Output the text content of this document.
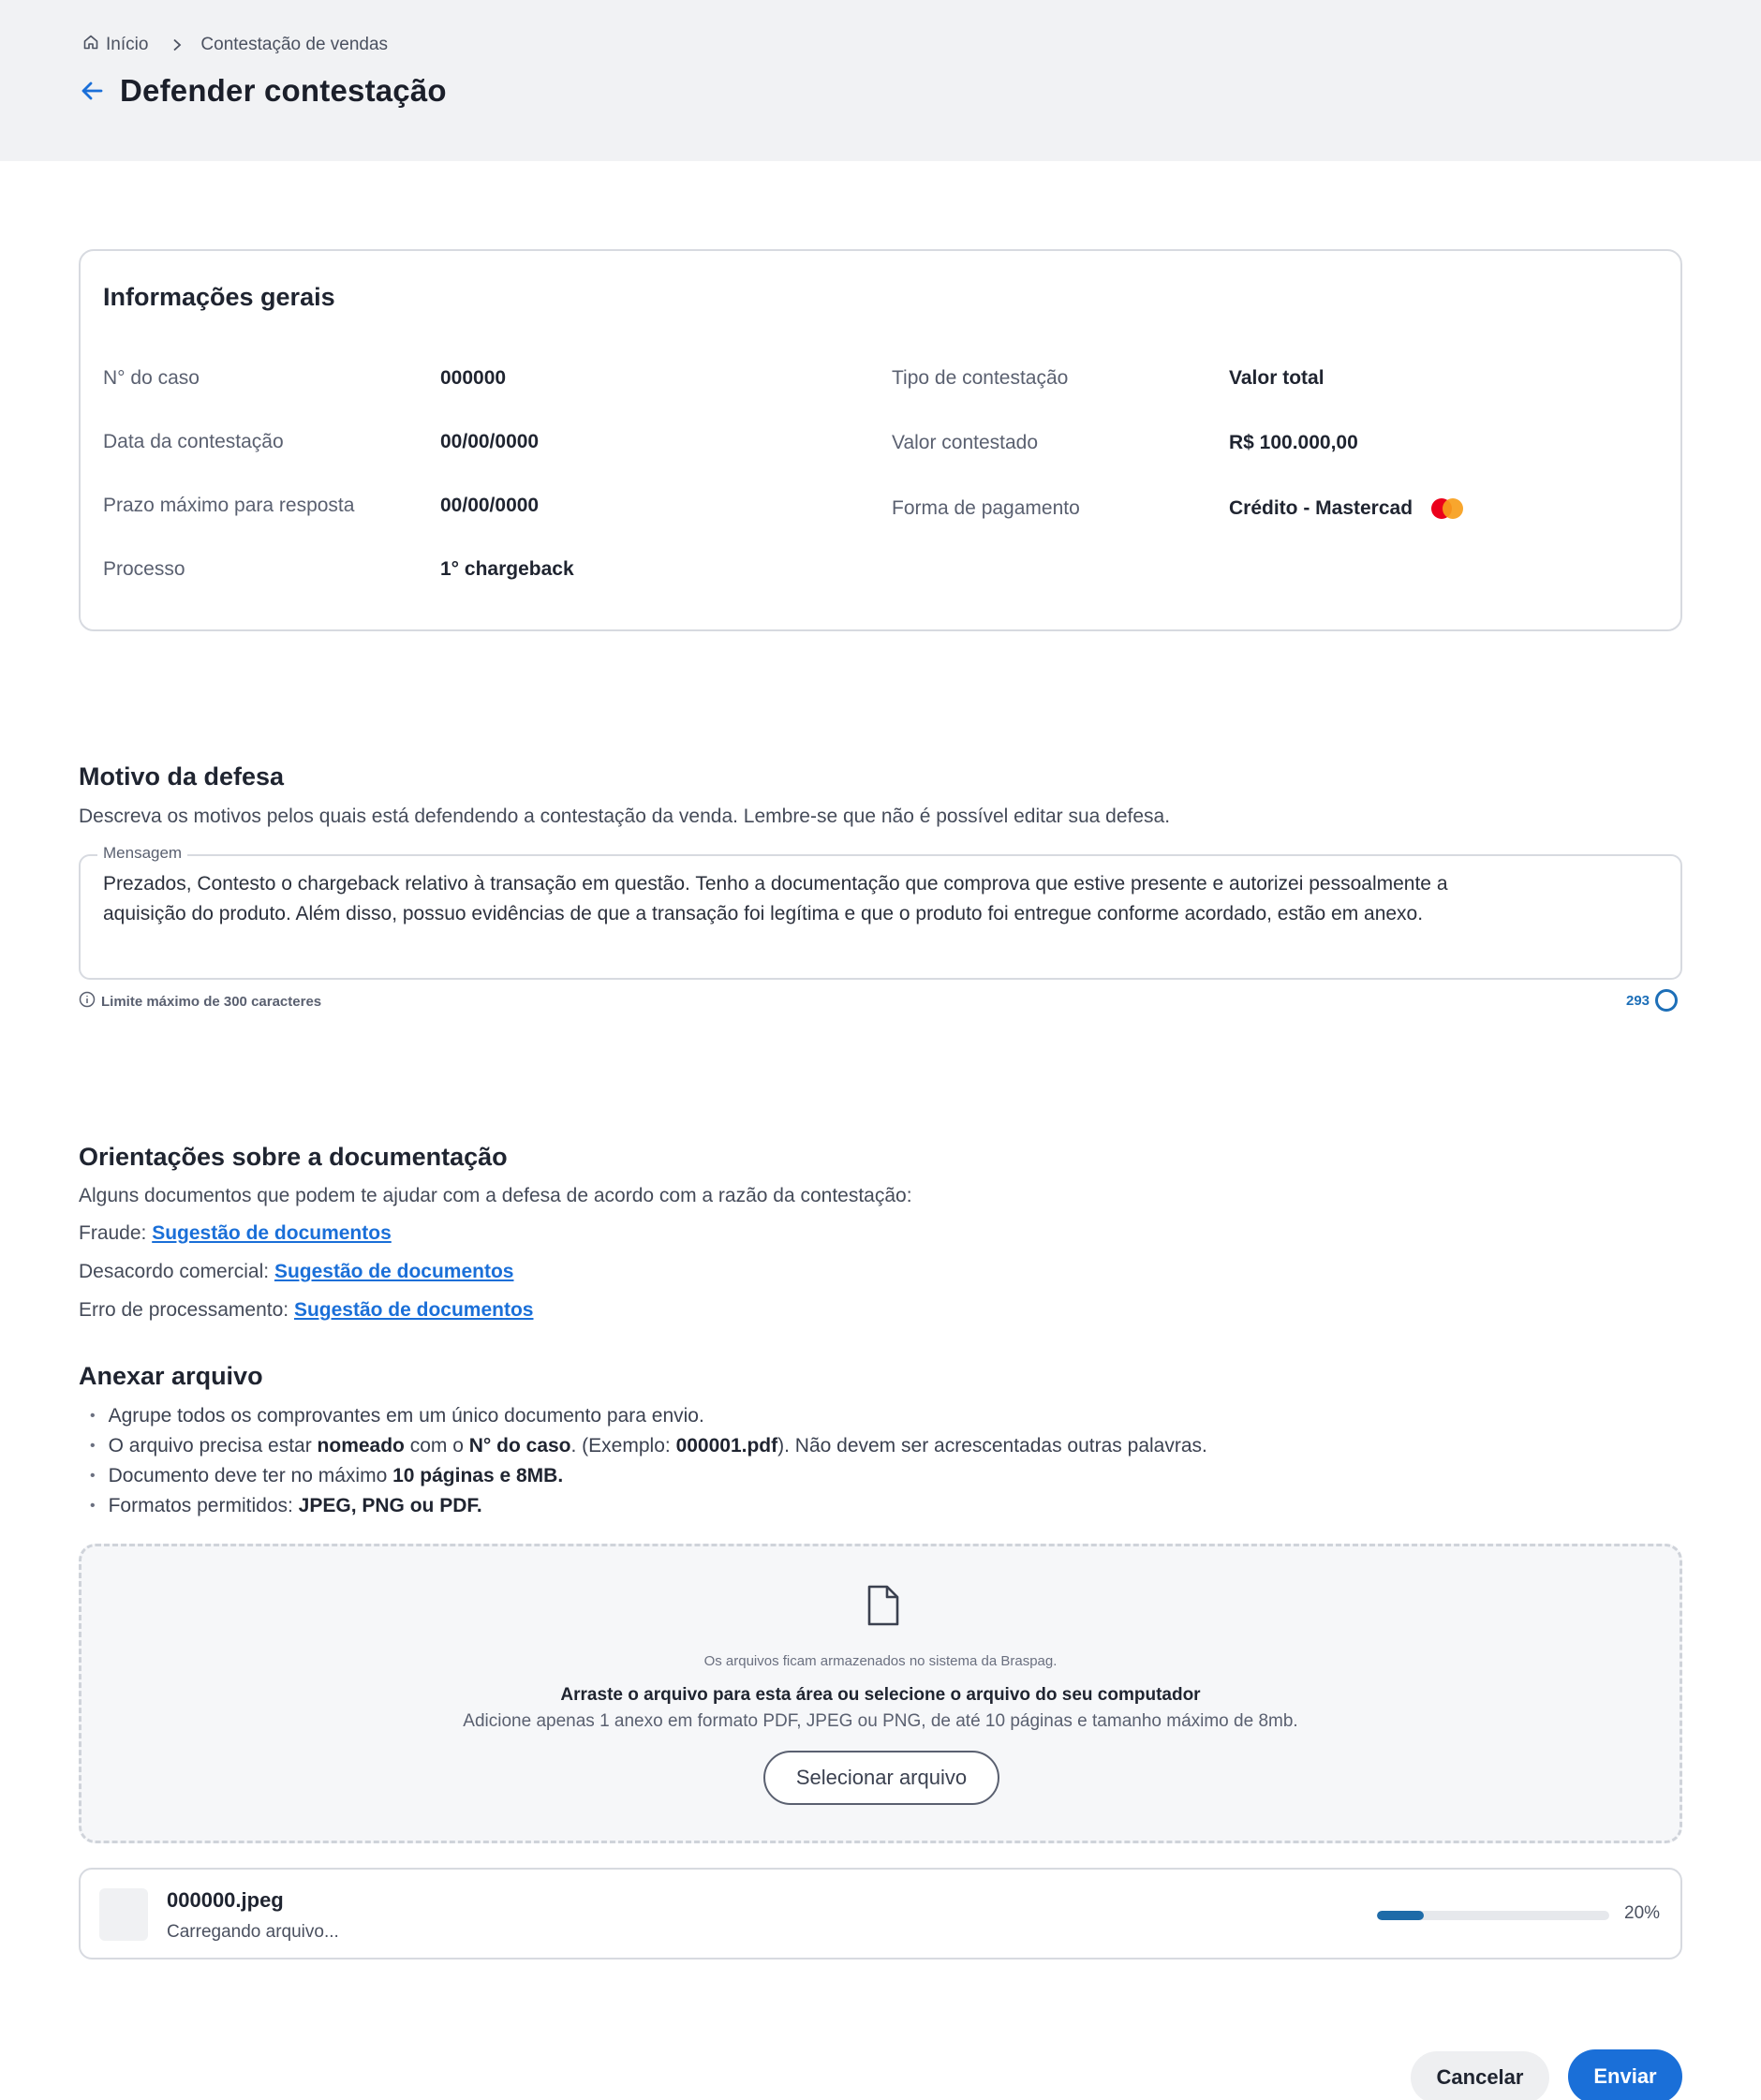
Início	Contestação de vendas
Defender contestação
Informações gerais
N° do caso	000000
Data da contestação	00/00/0000
Prazo máximo para resposta	00/00/0000
Processo	1° chargeback
Tipo de contestação	Valor total
Valor contestado	R$ 100.000,00
Forma de pagamento	Crédito - Mastercad
Motivo da defesa
Descreva os motivos pelos quais está defendendo a contestação da venda. Lembre-se que não é possível editar sua defesa.
Mensagem
Prezados, Contesto o chargeback relativo à transação em questão. Tenho a documentação que comprova que estive presente e autorizei pessoalmente a
aquisição do produto. Além disso, possuo evidências de que a transação foi legítima e que o produto foi entregue conforme acordado, estão em anexo.
Limite máximo de 300 caracteres	293
Orientações sobre a documentação
Alguns documentos que podem te ajudar com a defesa de acordo com a razão da contestação:
Fraude: Sugestão de documentos
Desacordo comercial: Sugestão de documentos
Erro de processamento: Sugestão de documentos
Anexar arquivo
• Agrupe todos os comprovantes em um único documento para envio.
• O arquivo precisa estar nomeado com o N° do caso. (Exemplo: 000001.pdf). Não devem ser acrescentadas outras palavras.
• Documento deve ter no máximo 10 páginas e 8MB.
• Formatos permitidos: JPEG, PNG ou PDF.
Os arquivos ficam armazenados no sistema da Braspag.
Arraste o arquivo para esta área ou selecione o arquivo do seu computador
Adicione apenas 1 anexo em formato PDF, JPEG ou PNG, de até 10 páginas e tamanho máximo de 8mb.
Selecionar arquivo
000000.jpeg
Carregando arquivo...
20%
Cancelar	Enviar
